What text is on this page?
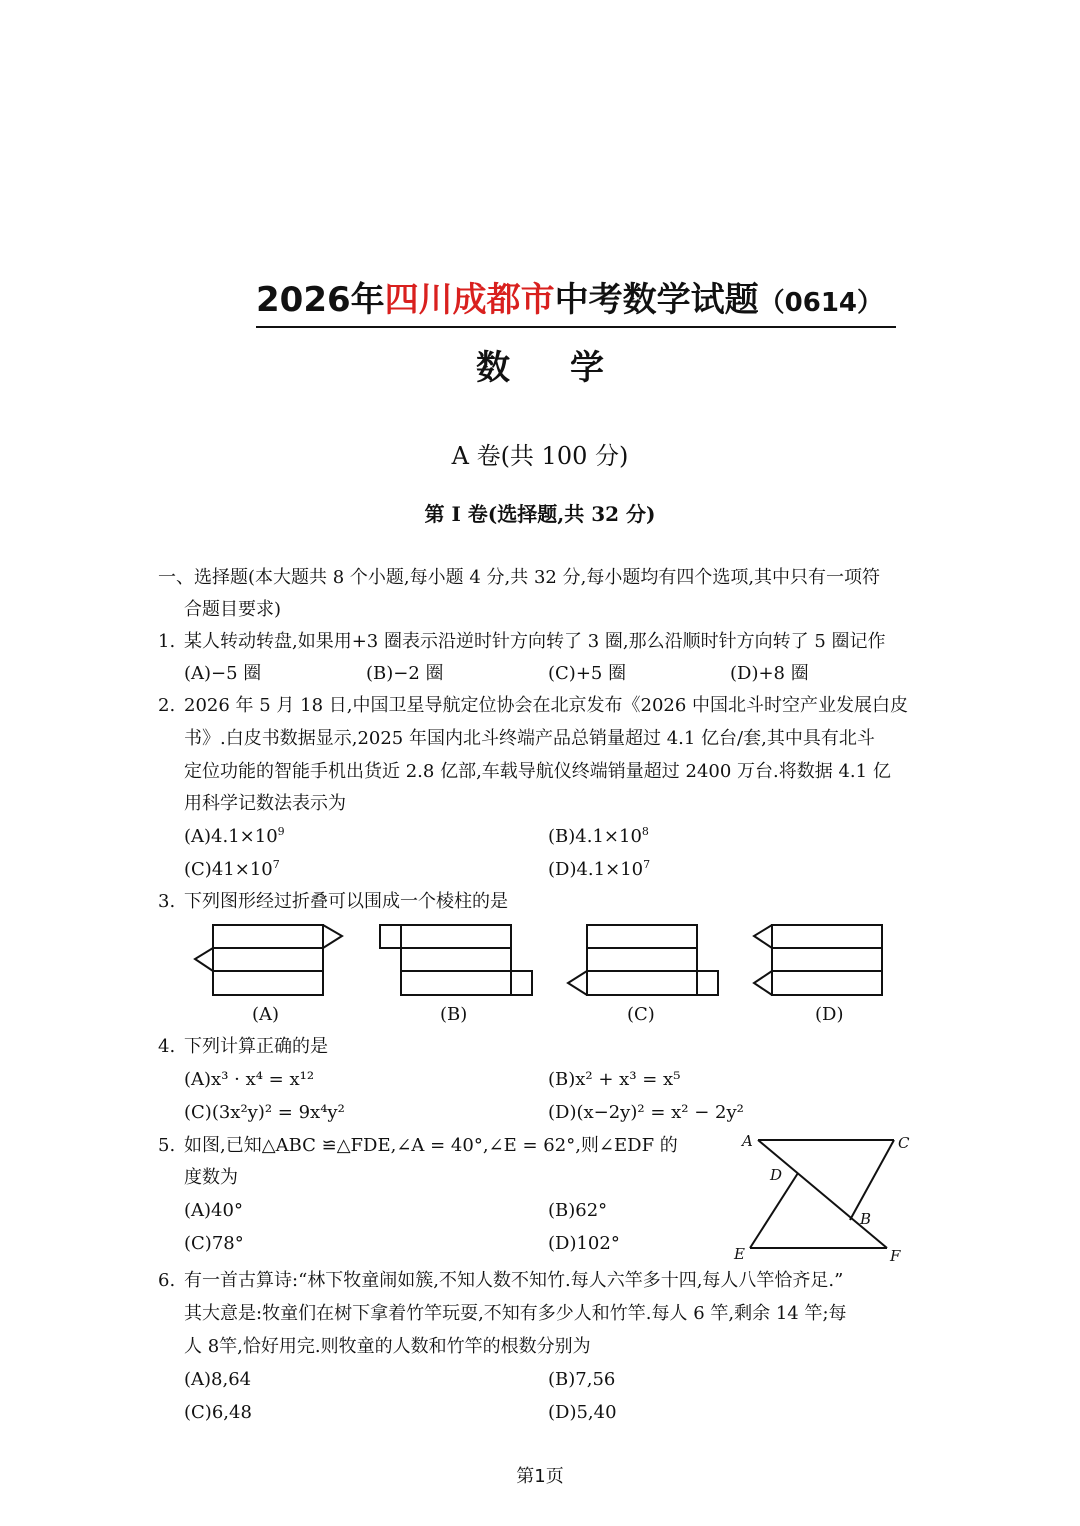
2026年四川成都市中考数学试题（0614）
数学
A 卷(共 100 分)
第 I 卷(选择题,共 32 分)
一、选择题(本大题共 8 个小题,每小题 4 分,共 32 分,每小题均有四个选项,其中只有一项符
合题目要求)
1. 某人转动转盘,如果用+3 圈表示沿逆时针方向转了 3 圈,那么沿顺时针方向转了 5 圈记作
(A)−5 圈	(B)−2 圈	(C)+5 圈	(D)+8 圈
2. 2026 年 5 月 18 日,中国卫星导航定位协会在北京发布《2026 中国北斗时空产业发展白皮
书》.白皮书数据显示,2025 年国内北斗终端产品总销量超过 4.1 亿台/套,其中具有北斗
定位功能的智能手机出货近 2.8 亿部,车载导航仪终端销量超过 2400 万台.将数据 4.1 亿
用科学记数法表示为
$(A)4.1\times 10^9$	$(B)4.1\times 10^8$
$(C)41\times 10^7$	$(D)4.1\times 10^7$
3. 下列图形经过折叠可以围成一个棱柱的是
(A)	(B)	(C)	(D)
4. 下列计算正确的是
(A)x³ · x⁴ = x¹²	(B)x² + x³ = x⁵
(C)(3x²y)² = 9x⁴y²	(D)(x−2y)² = x² − 2y²
5. 如图,已知△ABC ≌△FDE,∠A = 40°,∠E = 62°,则∠EDF 的
度数为
(A)40°	(B)62°
(C)78°	(D)102°
A	C
D
B
E	F
6. 有一首古算诗:“林下牧童闹如簇,不知人数不知竹.每人六竿多十四,每人八竿恰齐足.”
其大意是:牧童们在树下拿着竹竿玩耍,不知有多少人和竹竿.每人 6 竿,剩余 14 竿;每
人 8竿,恰好用完.则牧童的人数和竹竿的根数分别为
(A)8,64	(B)7,56
(C)6,48	(D)5,40
第1页
